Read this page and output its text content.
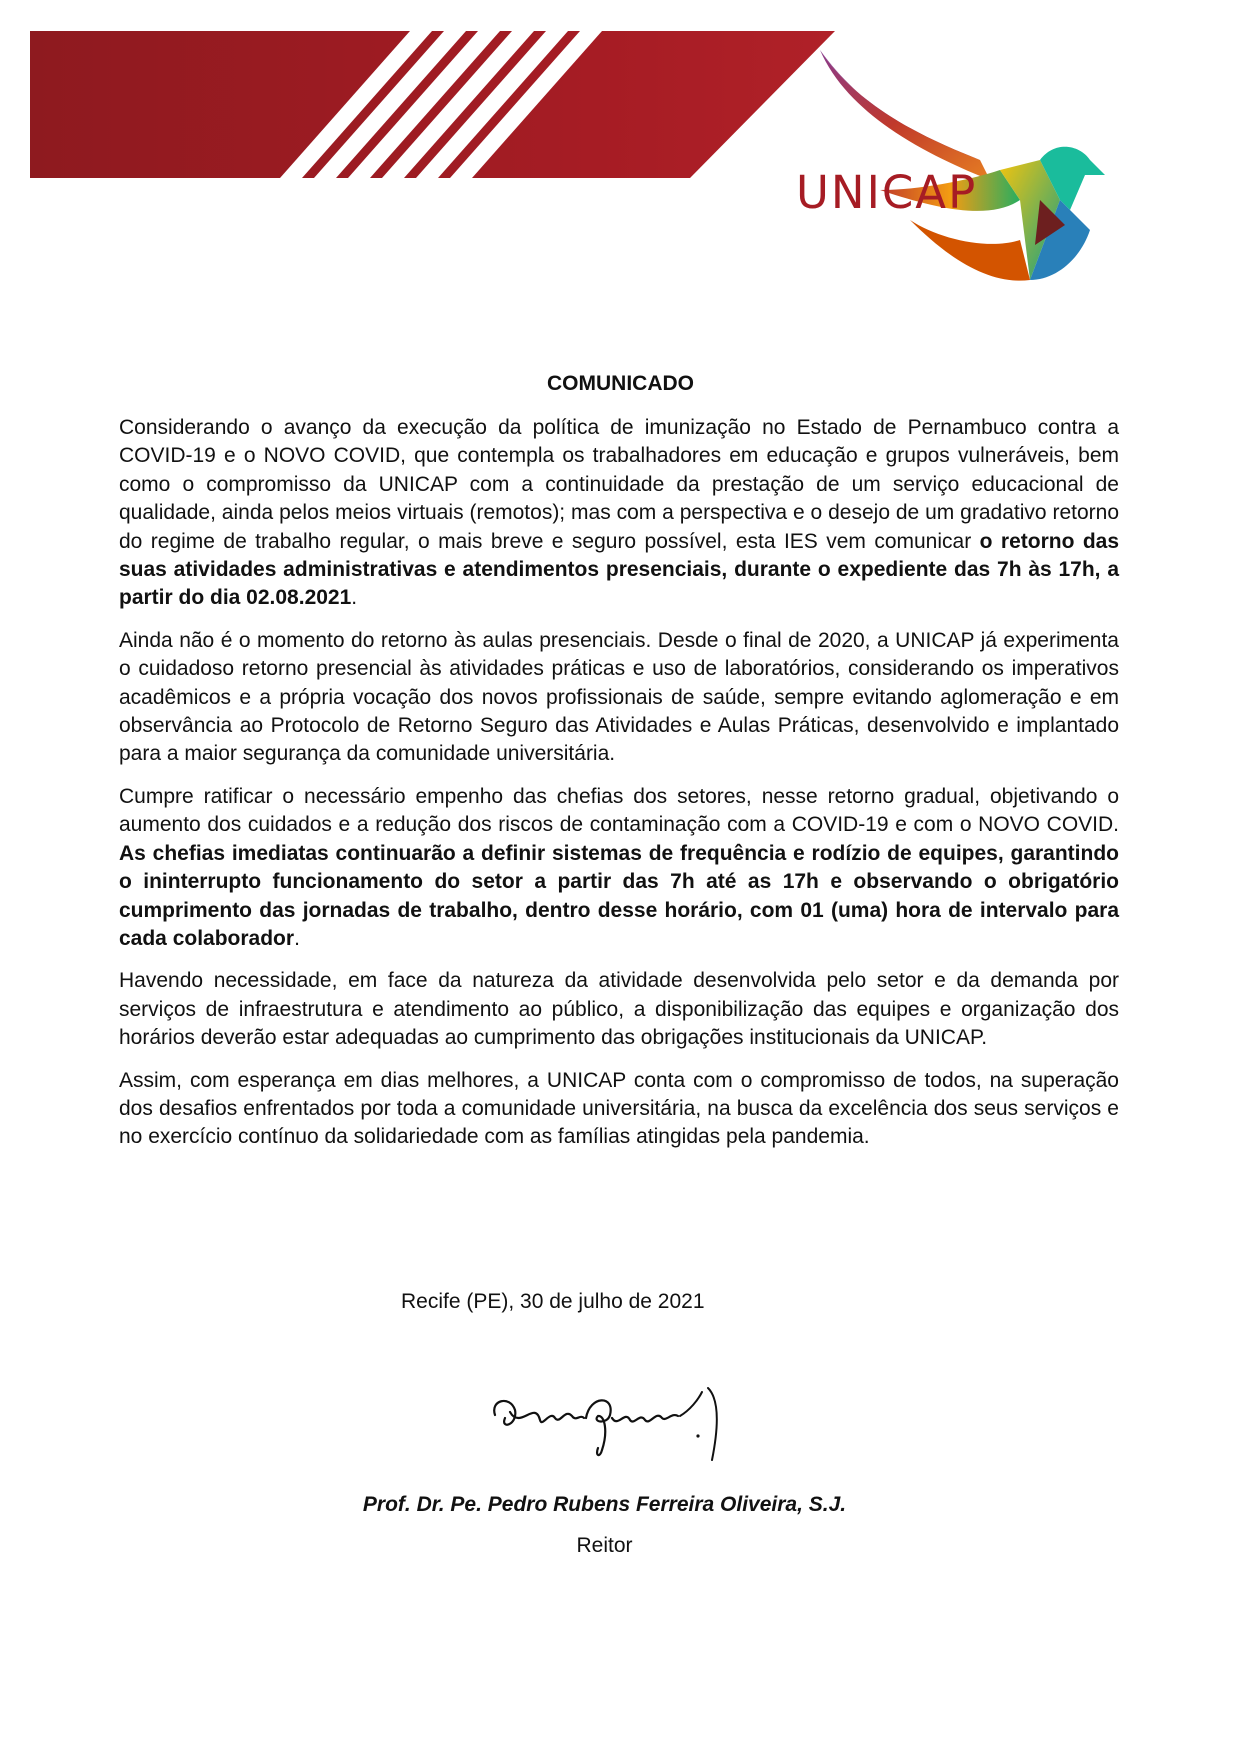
UNICAP
COMUNICADO

Considerando o avanço da execução da política de imunização no Estado de Pernambuco contra a COVID-19 e o NOVO COVID, que contempla os trabalhadores em educação e grupos vulneráveis, bem como o compromisso da UNICAP com a continuidade da prestação de um serviço educacional de qualidade, ainda pelos meios virtuais (remotos); mas com a perspectiva e o desejo de um gradativo retorno do regime de trabalho regular, o mais breve e seguro possível, esta IES vem comunicar o retorno das suas atividades administrativas e atendimentos presenciais, durante o expediente das 7h às 17h, a partir do dia 02.08.2021.

Ainda não é o momento do retorno às aulas presenciais. Desde o final de 2020, a UNICAP já experimenta o cuidadoso retorno presencial às atividades práticas e uso de laboratórios, considerando os imperativos acadêmicos e a própria vocação dos novos profissionais de saúde, sempre evitando aglomeração e em observância ao Protocolo de Retorno Seguro das Atividades e Aulas Práticas, desenvolvido e implantado para a maior segurança da comunidade universitária.

Cumpre ratificar o necessário empenho das chefias dos setores, nesse retorno gradual, objetivando o aumento dos cuidados e a redução dos riscos de contaminação com a COVID-19 e com o NOVO COVID. As chefias imediatas continuarão a definir sistemas de frequência e rodízio de equipes, garantindo o ininterrupto funcionamento do setor a partir das 7h até as 17h e observando o obrigatório cumprimento das jornadas de trabalho, dentro desse horário, com 01 (uma) hora de intervalo para cada colaborador.

Havendo necessidade, em face da natureza da atividade desenvolvida pelo setor e da demanda por serviços de infraestrutura e atendimento ao público, a disponibilização das equipes e organização dos horários deverão estar adequadas ao cumprimento das obrigações institucionais da UNICAP.

Assim, com esperança em dias melhores, a UNICAP conta com o compromisso de todos, na superação dos desafios enfrentados por toda a comunidade universitária, na busca da excelência dos seus serviços e no exercício contínuo da solidariedade com as famílias atingidas pela pandemia.

Recife (PE), 30 de julho de 2021
Prof. Dr. Pe. Pedro Rubens Ferreira Oliveira, S.J.
Reitor
